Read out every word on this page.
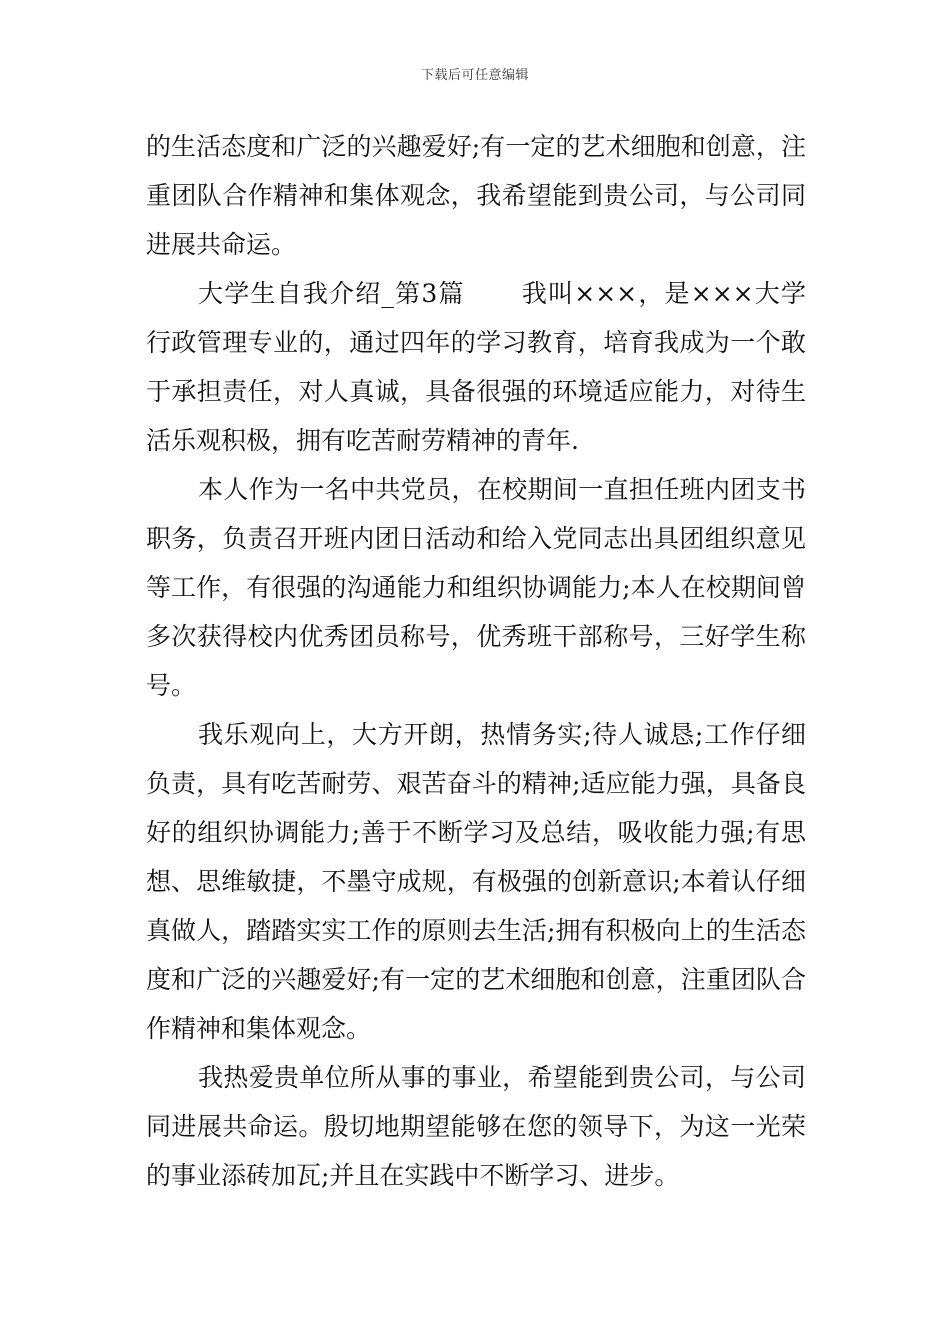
下载后可任意编辑

的生活态度和广泛的兴趣爱好;有一定的艺术细胞和创意，注重团队合作精神和集体观念，我希望能到贵公司，与公司同进展共命运。

大学生自我介绍_第3篇 我叫×××，是×××大学行政管理专业的，通过四年的学习教育，培育我成为一个敢于承担责任，对人真诚，具备很强的环境适应能力，对待生活乐观积极，拥有吃苦耐劳精神的青年.

本人作为一名中共党员，在校期间一直担任班内团支书职务，负责召开班内团日活动和给入党同志出具团组织意见等工作，有很强的沟通能力和组织协调能力;本人在校期间曾多次获得校内优秀团员称号，优秀班干部称号，三好学生称号。

我乐观向上，大方开朗，热情务实;待人诚恳;工作仔细负责，具有吃苦耐劳、艰苦奋斗的精神;适应能力强，具备良好的组织协调能力;善于不断学习及总结，吸收能力强;有思想、思维敏捷，不墨守成规，有极强的创新意识;本着认仔细真做人，踏踏实实工作的原则去生活;拥有积极向上的生活态度和广泛的兴趣爱好;有一定的艺术细胞和创意，注重团队合作精神和集体观念。

我热爱贵单位所从事的事业，希望能到贵公司，与公司同进展共命运。殷切地期望能够在您的领导下，为这一光荣的事业添砖加瓦;并且在实践中不断学习、进步。
